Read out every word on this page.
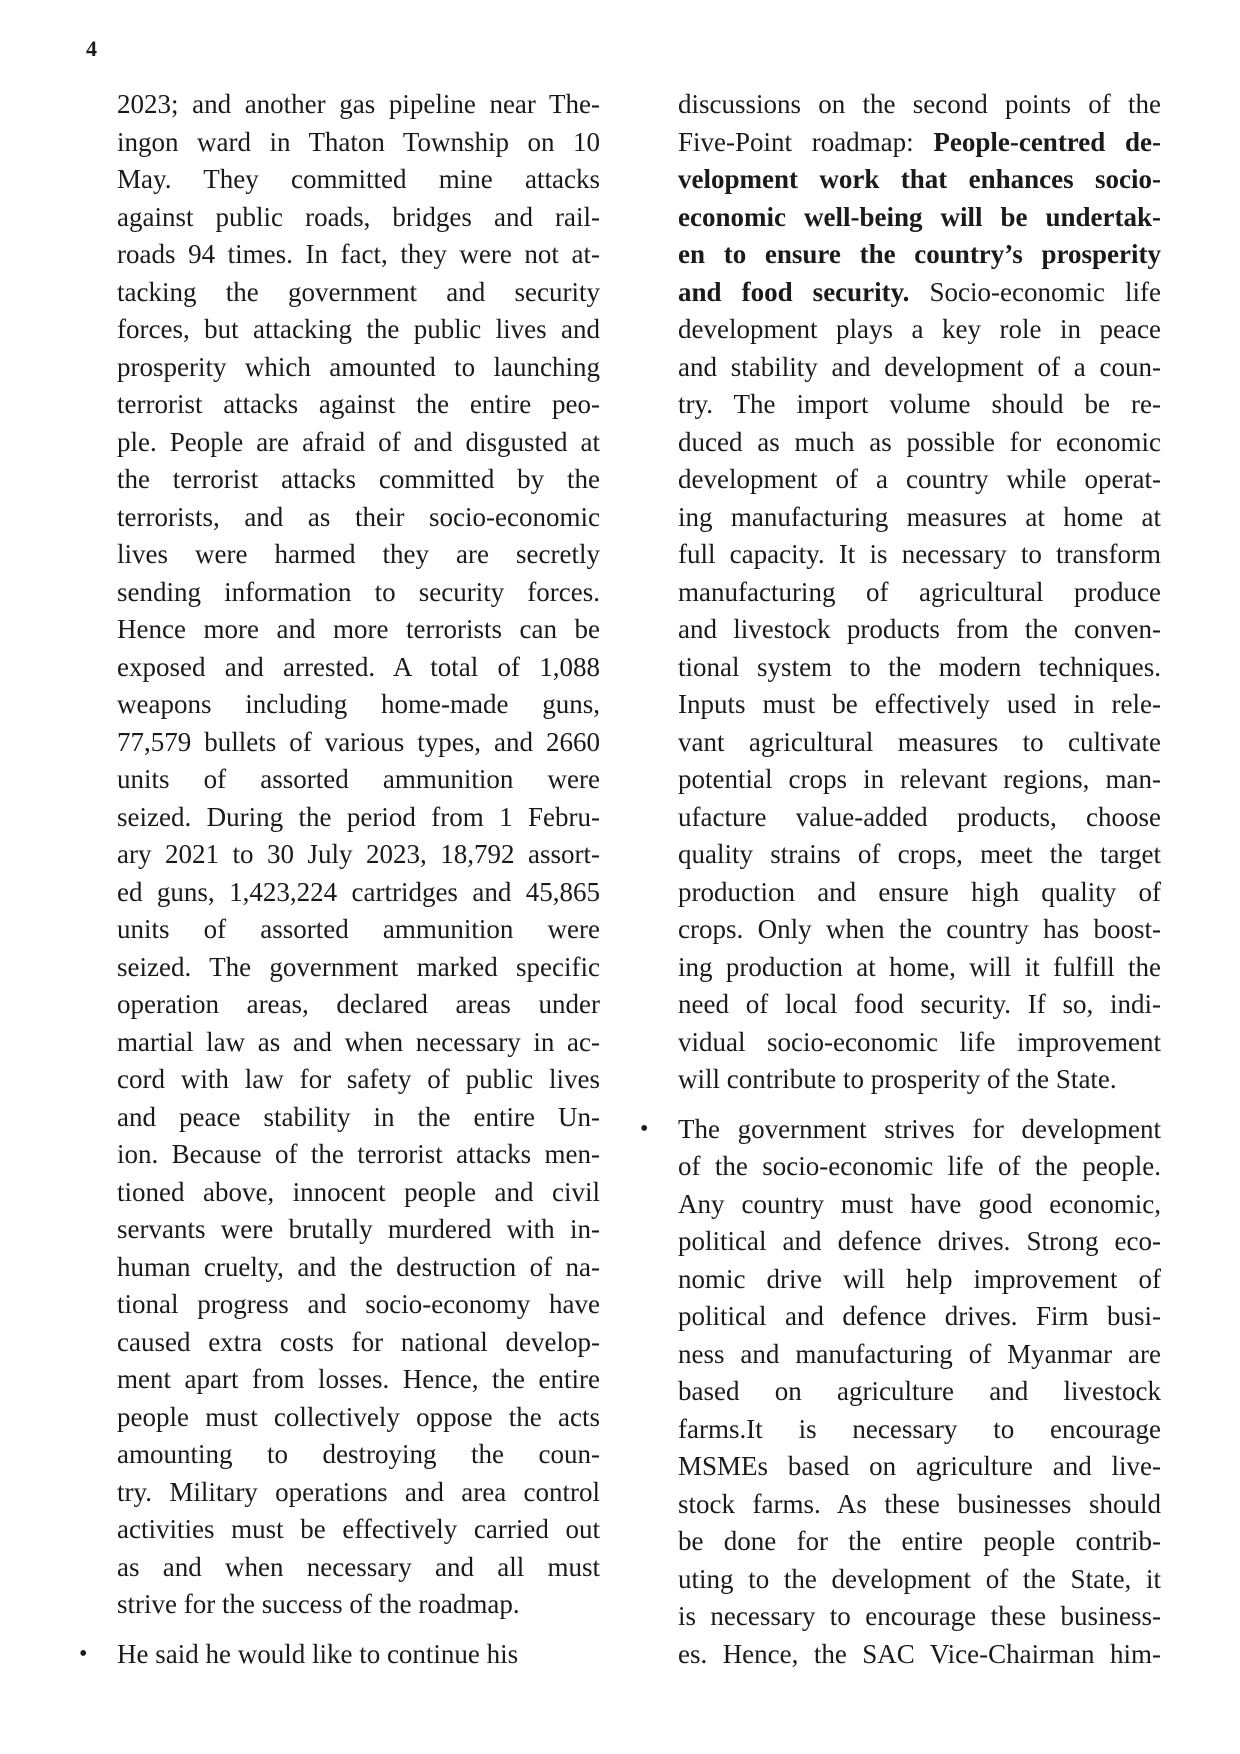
4
2023; and another gas pipeline near The-
ingon ward in Thaton Township on 10
May. They committed mine attacks
against public roads, bridges and rail-
roads 94 times. In fact, they were not at-
tacking the government and security
forces, but attacking the public lives and
prosperity which amounted to launching
terrorist attacks against the entire peo-
ple. People are afraid of and disgusted at
the terrorist attacks committed by the
terrorists, and as their socio-economic
lives were harmed they are secretly
sending information to security forces.
Hence more and more terrorists can be
exposed and arrested. A total of 1,088
weapons including home-made guns,
77,579 bullets of various types, and 2660
units of assorted ammunition were
seized. During the period from 1 Febru-
ary 2021 to 30 July 2023, 18,792 assort-
ed guns, 1,423,224 cartridges and 45,865
units of assorted ammunition were
seized. The government marked specific
operation areas, declared areas under
martial law as and when necessary in ac-
cord with law for safety of public lives
and peace stability in the entire Un-
ion. Because of the terrorist attacks men-
tioned above, innocent people and civil
servants were brutally murdered with in-
human cruelty, and the destruction of na-
tional progress and socio-economy have
caused extra costs for national develop-
ment apart from losses. Hence, the entire
people must collectively oppose the acts
amounting to destroying the coun-
try. Military operations and area control
activities must be effectively carried out
as and when necessary and all must
strive for the success of the roadmap.
• He said he would like to continue his
discussions on the second points of the
Five-Point roadmap: People-centred de-
velopment work that enhances socio-
economic well-being will be undertak-
en to ensure the country’s prosperity
and food security. Socio-economic life
development plays a key role in peace
and stability and development of a coun-
try. The import volume should be re-
duced as much as possible for economic
development of a country while operat-
ing manufacturing measures at home at
full capacity. It is necessary to transform
manufacturing of agricultural produce
and livestock products from the conven-
tional system to the modern techniques.
Inputs must be effectively used in rele-
vant agricultural measures to cultivate
potential crops in relevant regions, man-
ufacture value-added products, choose
quality strains of crops, meet the target
production and ensure high quality of
crops. Only when the country has boost-
ing production at home, will it fulfill the
need of local food security. If so, indi-
vidual socio-economic life improvement
will contribute to prosperity of the State.
• The government strives for development
of the socio-economic life of the people.
Any country must have good economic,
political and defence drives. Strong eco-
nomic drive will help improvement of
political and defence drives. Firm busi-
ness and manufacturing of Myanmar are
based on agriculture and livestock
farms.It is necessary to encourage
MSMEs based on agriculture and live-
stock farms. As these businesses should
be done for the entire people contrib-
uting to the development of the State, it
is necessary to encourage these business-
es. Hence, the SAC Vice-Chairman him-
